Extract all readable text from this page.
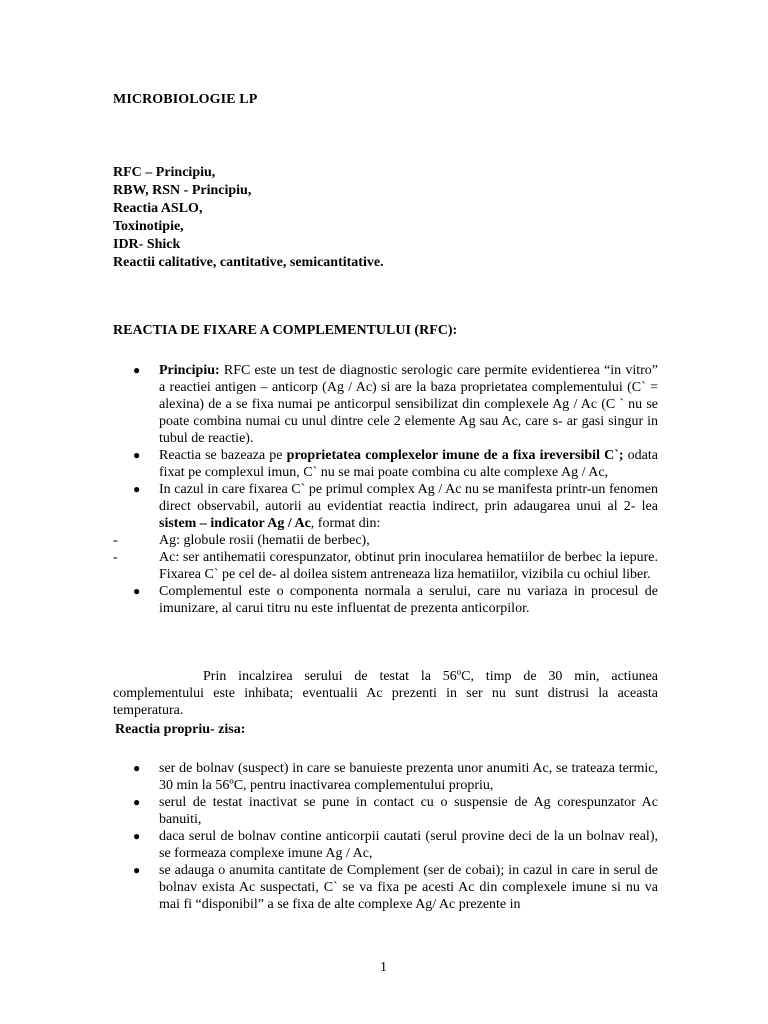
MICROBIOLOGIE LP
RFC – Principiu,
RBW, RSN - Principiu,
Reactia ASLO,
Toxinotipie,
IDR- Shick
Reactii calitative, cantitative, semicantitative.
REACTIA DE FIXARE A COMPLEMENTULUI (RFC):
● Principiu: RFC este un test de diagnostic serologic care permite evidentierea “in vitro” a reactiei antigen – anticorp (Ag / Ac) si are la baza proprietatea complementului (C` = alexina) de a se fixa numai pe anticorpul sensibilizat din complexele Ag / Ac (C ` nu se poate combina numai cu unul dintre cele 2 elemente Ag sau Ac, care s- ar gasi singur in tubul de reactie).
● Reactia se bazeaza pe proprietatea complexelor imune de a fixa ireversibil C`; odata fixat pe complexul imun, C` nu se mai poate combina cu alte complexe Ag / Ac,
● In cazul in care fixarea C` pe primul complex Ag / Ac nu se manifesta printr-un fenomen direct observabil, autorii au evidentiat reactia indirect, prin adaugarea unui al 2- lea sistem – indicator Ag / Ac, format din:
-	Ag: globule rosii (hematii de berbec),
-	Ac: ser antihematii corespunzator, obtinut prin inocularea hematiilor de berbec la iepure. Fixarea C` pe cel de- al doilea sistem antreneaza liza hematiilor, vizibila cu ochiul liber.
● Complementul este o componenta normala a serului, care nu variaza in procesul de imunizare, al carui titru nu este influentat de prezenta anticorpilor.
Prin incalzirea serului de testat la 56ºC, timp de 30 min, actiunea complementului este inhibata; eventualii Ac prezenti in ser nu sunt distrusi la aceasta temperatura.
Reactia propriu- zisa:
● ser de bolnav (suspect) in care se banuieste prezenta unor anumiti Ac, se trateaza termic, 30 min la 56ºC, pentru inactivarea complementului propriu,
● serul de testat inactivat se pune in contact cu o suspensie de Ag corespunzator Ac banuiti,
● daca serul de bolnav contine anticorpii cautati (serul provine deci de la un bolnav real), se formeaza complexe imune Ag / Ac,
● se adauga o anumita cantitate de Complement (ser de cobai); in cazul in care in serul de bolnav exista Ac suspectati, C` se va fixa pe acesti Ac din complexele imune si nu va mai fi “disponibil” a se fixa de alte complexe Ag/ Ac prezente in
1
